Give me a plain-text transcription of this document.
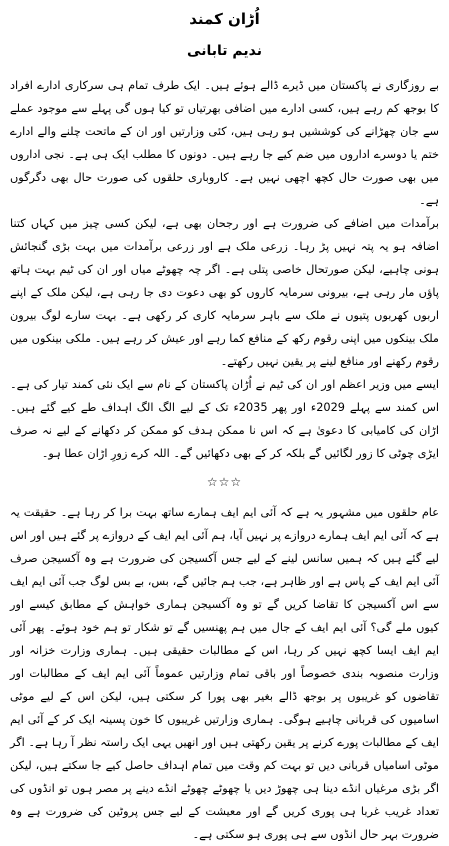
اُڑان کمند
ندیم تابانی

بے روزگاری نے پاکستان میں ڈیرے ڈالے ہوئے ہیں۔ ایک طرف تمام ہی سرکاری ادارے افراد کا بوجھ کم رہے ہیں، کسی ادارے میں اضافی بھرتیاں تو کیا ہوں گی پہلے سے موجود عملے سے جان چھڑانے کی کوششیں ہو رہی ہیں، کئی وزارتیں اور ان کے ماتحت چلنے والے ادارے ختم یا دوسرے اداروں میں ضم کیے جا رہے ہیں۔ دونوں کا مطلب ایک ہی ہے۔ نجی اداروں میں بھی صورت حال کچھ اچھی نہیں ہے۔ کاروباری حلقوں کی صورت حال بھی دگرگوں ہے۔

برآمدات میں اضافے کی ضرورت ہے اور رجحان بھی ہے، لیکن کسی چیز میں کہاں کتنا اضافہ ہو یہ پتہ نہیں پڑ رہا۔ زرعی ملک ہے اور زرعی برآمدات میں بہت بڑی گنجائش ہونی چاہیے، لیکن صورتحال خاصی پتلی ہے۔ اگر چہ چھوٹے میاں اور ان کی ٹیم بہت ہاتھ پاؤں مار رہی ہے، بیرونی سرمایہ کاروں کو بھی دعوت دی جا رہی ہے، لیکن ملک کے اپنے اربوں کھربوں پتیوں نے ملک سے باہر سرمایہ کاری کر رکھی ہے۔ بہت سارے لوگ بیرون ملک بینکوں میں اپنی رقوم رکھ کے منافع کما رہے اور عیش کر رہے ہیں۔ ملکی بینکوں میں رقوم رکھنے اور منافع لینے پر یقین نہیں رکھتے۔

ایسے میں وزیر اعظم اور ان کی ٹیم نے اُڑان پاکستان کے نام سے ایک نئی کمند تیار کی ہے۔ اس کمند سے پہلے 2029ء اور پھر 2035ء تک کے لیے الگ الگ اہداف طے کیے گئے ہیں۔ اڑان کی کامیابی کا دعویٰ ہے کہ اس نا ممکن ہدف کو ممکن کر دکھانے کے لیے نہ صرف ایڑی چوٹی کا زور لگائیں گے بلکہ کر کے بھی دکھائیں گے۔ اللہ کرے زورِ اڑان عطا ہو۔

☆☆☆

عام حلقوں میں مشہور یہ ہے کہ آئی ایم ایف ہمارے ساتھ بہت برا کر رہا ہے۔ حقیقت یہ ہے کہ آئی ایم ایف ہمارے دروازے پر نہیں آیا، ہم آئی ایم ایف کے دروازے پر گئے ہیں اور اس لیے گئے ہیں کہ ہمیں سانس لینے کے لیے جس آکسیجن کی ضرورت ہے وہ آکسیجن صرف آئی ایم ایف کے پاس ہے اور ظاہر ہے، جب ہم جائیں گے، بس، بے بس لوگ جب آئی ایم ایف سے اس آکسیجن کا تقاضا کریں گے تو وہ آکسیجن ہماری خواہش کے مطابق کیسے اور کیوں ملے گی؟ آئی ایم ایف کے جال میں ہم پھنسیں گے تو شکار تو ہم خود ہوئے۔ پھر آئی ایم ایف ایسا کچھ نہیں کر رہا، اس کے مطالبات حقیقی ہیں۔ ہماری وزارت خزانہ اور وزارت منصوبہ بندی خصوصاً اور باقی تمام وزارتیں عموماً آئی ایم ایف کے مطالبات اور تقاضوں کو غریبوں پر بوجھ ڈالے بغیر بھی پورا کر سکتی ہیں، لیکن اس کے لیے موٹی اسامیوں کی قربانی چاہیے ہوگی۔ ہماری وزارتیں غریبوں کا خون پسینہ ایک کر کے آئی ایم ایف کے مطالبات پورے کرنے پر یقین رکھتی ہیں اور انھیں یہی ایک راستہ نظر آ رہا ہے۔ اگر موٹی اسامیاں قربانی دیں تو بہت کم وقت میں تمام اہداف حاصل کیے جا سکتے ہیں، لیکن اگر بڑی مرغیاں انڈے دینا ہی چھوڑ دیں یا چھوٹے چھوٹے انڈے دینے پر مصر ہوں تو انڈوں کی تعداد غریب غربا ہی پوری کریں گے اور معیشت کے لیے جس پروٹین کی ضرورت ہے وہ ضرورت بہر حال انڈوں سے ہی پوری ہو سکتی ہے۔
